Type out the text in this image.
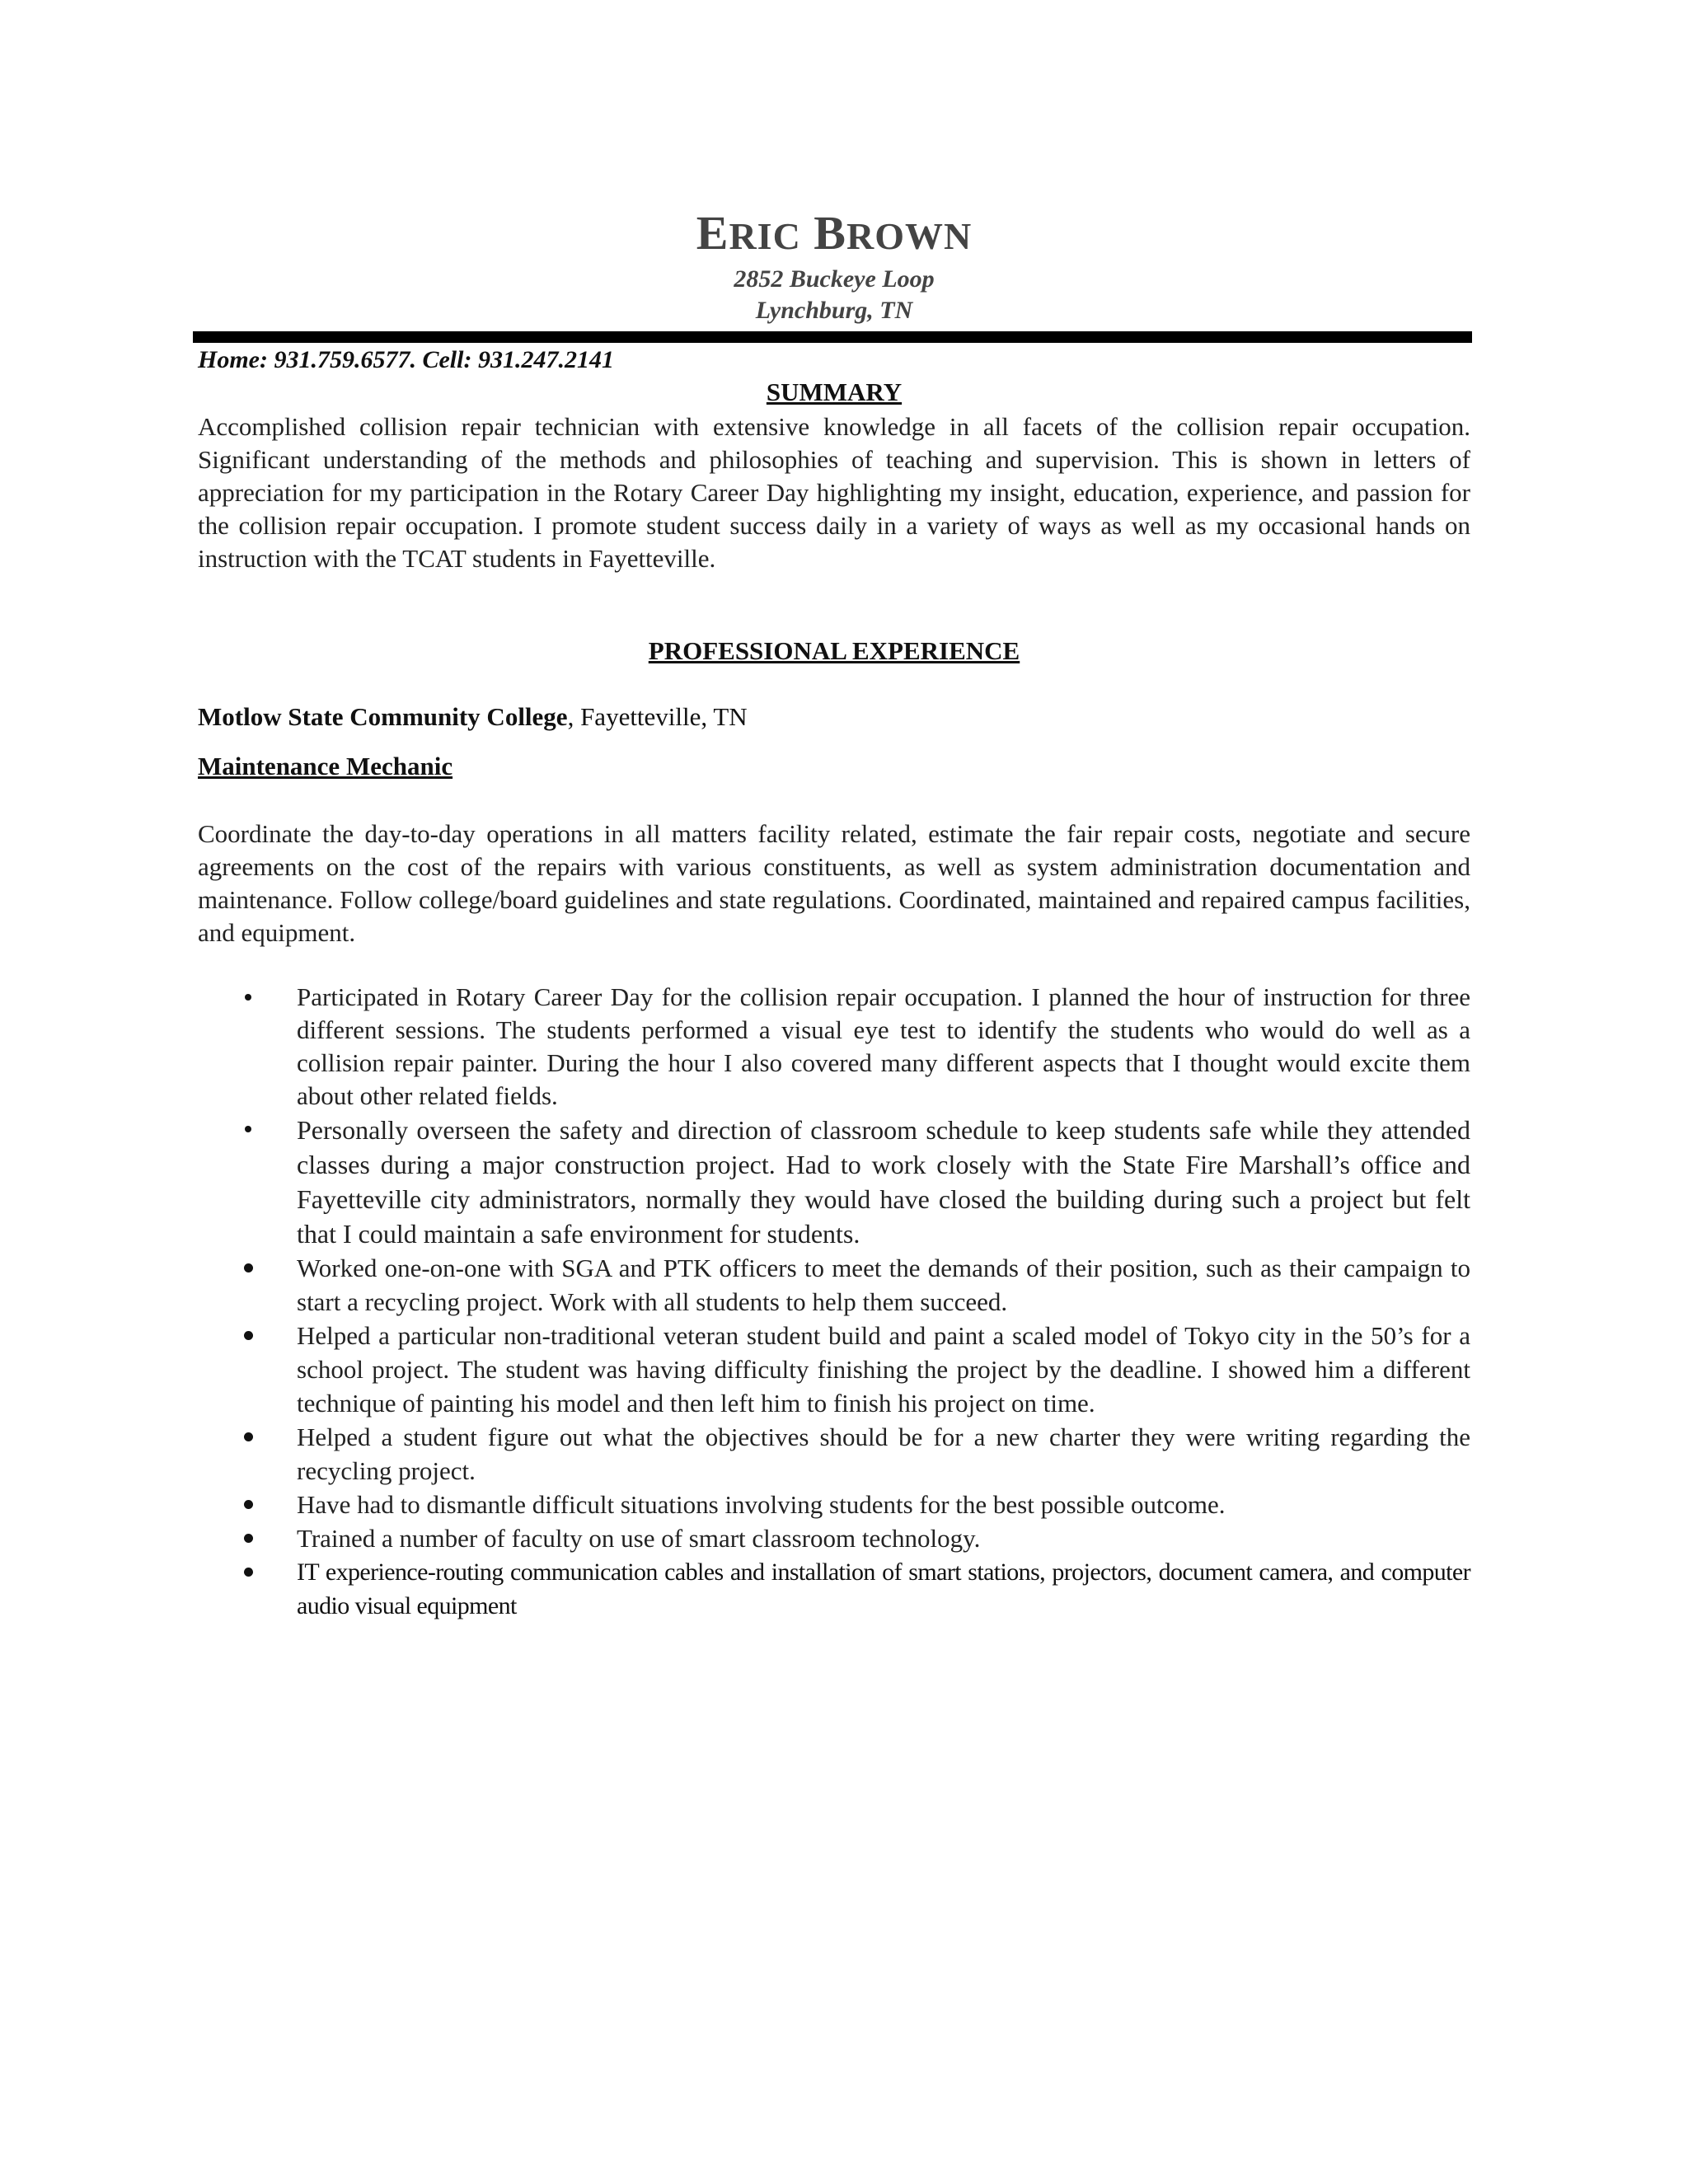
ERIC BROWN
2852 Buckeye Loop
Lynchburg, TN
SUMMARY
Accomplished collision repair technician with extensive knowledge in all facets of the collision repair occupation. Significant understanding of the methods and philosophies of teaching and supervision. This is shown in letters of appreciation for my participation in the Rotary Career Day highlighting my insight, education, experience, and passion for the collision repair occupation. I promote student success daily in a variety of ways as well as my occasional hands on instruction with the TCAT students in Fayetteville.
PROFESSIONAL EXPERIENCE
Motlow State Community College, Fayetteville, TN
Maintenance Mechanic
Coordinate the day-to-day operations in all matters facility related, estimate the fair repair costs, negotiate and secure agreements on the cost of the repairs with various constituents, as well as system administration documentation and maintenance. Follow college/board guidelines and state regulations. Coordinated, maintained and repaired campus facilities, and equipment.
Participated in Rotary Career Day for the collision repair occupation. I planned the hour of instruction for three different sessions. The students performed a visual eye test to identify the students who would do well as a collision repair painter. During the hour I also covered many different aspects that I thought would excite them about other related fields.
Personally overseen the safety and direction of classroom schedule to keep students safe while they attended classes during a major construction project. Had to work closely with the State Fire Marshall’s office and Fayetteville city administrators, normally they would have closed the building during such a project but felt that I could maintain a safe environment for students.
Worked one-on-one with SGA and PTK officers to meet the demands of their position, such as their campaign to start a recycling project. Work with all students to help them succeed.
Helped a particular non-traditional veteran student build and paint a scaled model of Tokyo city in the 50’s for a school project. The student was having difficulty finishing the project by the deadline. I showed him a different technique of painting his model and then left him to finish his project on time.
Helped a student figure out what the objectives should be for a new charter they were writing regarding the recycling project.
Have had to dismantle difficult situations involving students for the best possible outcome.
Trained a number of faculty on use of smart classroom technology.
IT experience-routing communication cables and installation of smart stations, projectors, document camera, and computer audio visual equipment
Home: 931.759.6577. Cell: 931.247.2141
